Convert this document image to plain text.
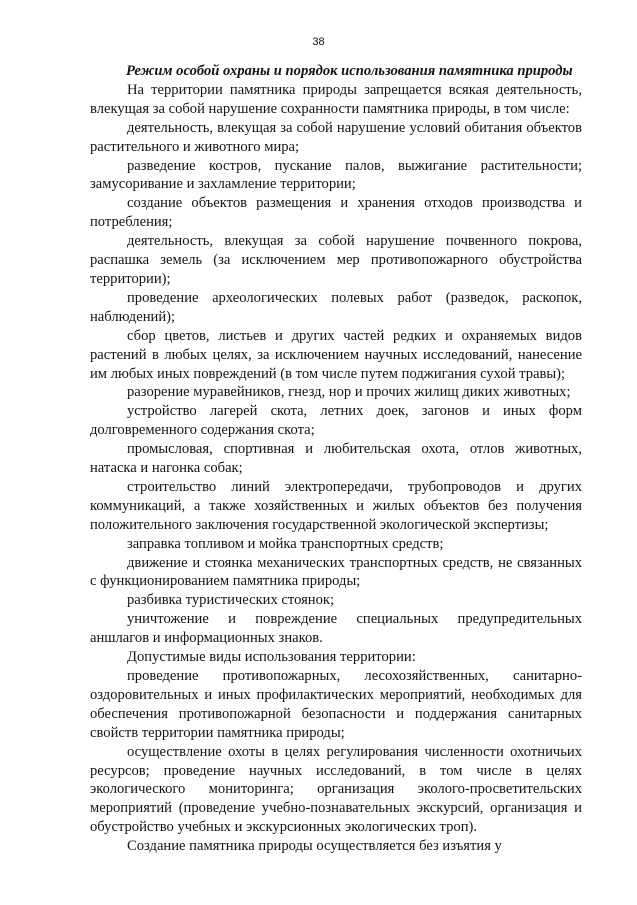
38

Режим особой охраны и порядок использования памятника природы

На территории памятника природы запрещается всякая деятельность, влекущая за собой нарушение сохранности памятника природы, в том числе:

деятельность, влекущая за собой нарушение условий обитания объектов растительного и животного мира;

разведение костров, пускание палов, выжигание растительности; замусоривание и захламление территории;

создание объектов размещения и хранения отходов производства и потребления;

деятельность, влекущая за собой нарушение почвенного покрова, распашка земель (за исключением мер противопожарного обустройства территории);

проведение археологических полевых работ (разведок, раскопок, наблюдений);

сбор цветов, листьев и других частей редких и охраняемых видов растений в любых целях, за исключением научных исследований, нанесение им любых иных повреждений (в том числе путем поджигания сухой травы);

разорение муравейников, гнезд, нор и прочих жилищ диких животных;

устройство лагерей скота, летних доек, загонов и иных форм долговременного содержания скота;

промысловая, спортивная и любительская охота, отлов животных, натаска и нагонка собак;

строительство линий электропередачи, трубопроводов и других коммуникаций, а также хозяйственных и жилых объектов без получения положительного заключения государственной экологической экспертизы;

заправка топливом и мойка транспортных средств;

движение и стоянка механических транспортных средств, не связанных с функционированием памятника природы;

разбивка туристических стоянок;

уничтожение и повреждение специальных предупредительных аншлагов и информационных знаков.

Допустимые виды использования территории:

проведение противопожарных, лесохозяйственных, санитарно-оздоровительных и иных профилактических мероприятий, необходимых для обеспечения противопожарной безопасности и поддержания санитарных свойств территории памятника природы;

осуществление охоты в целях регулирования численности охотничьих ресурсов; проведение научных исследований, в том числе в целях экологического мониторинга; организация эколого-просветительских мероприятий (проведение учебно-познавательных экскурсий, организация и обустройство учебных и экскурсионных экологических троп).

Создание памятника природы осуществляется без изъятия у
